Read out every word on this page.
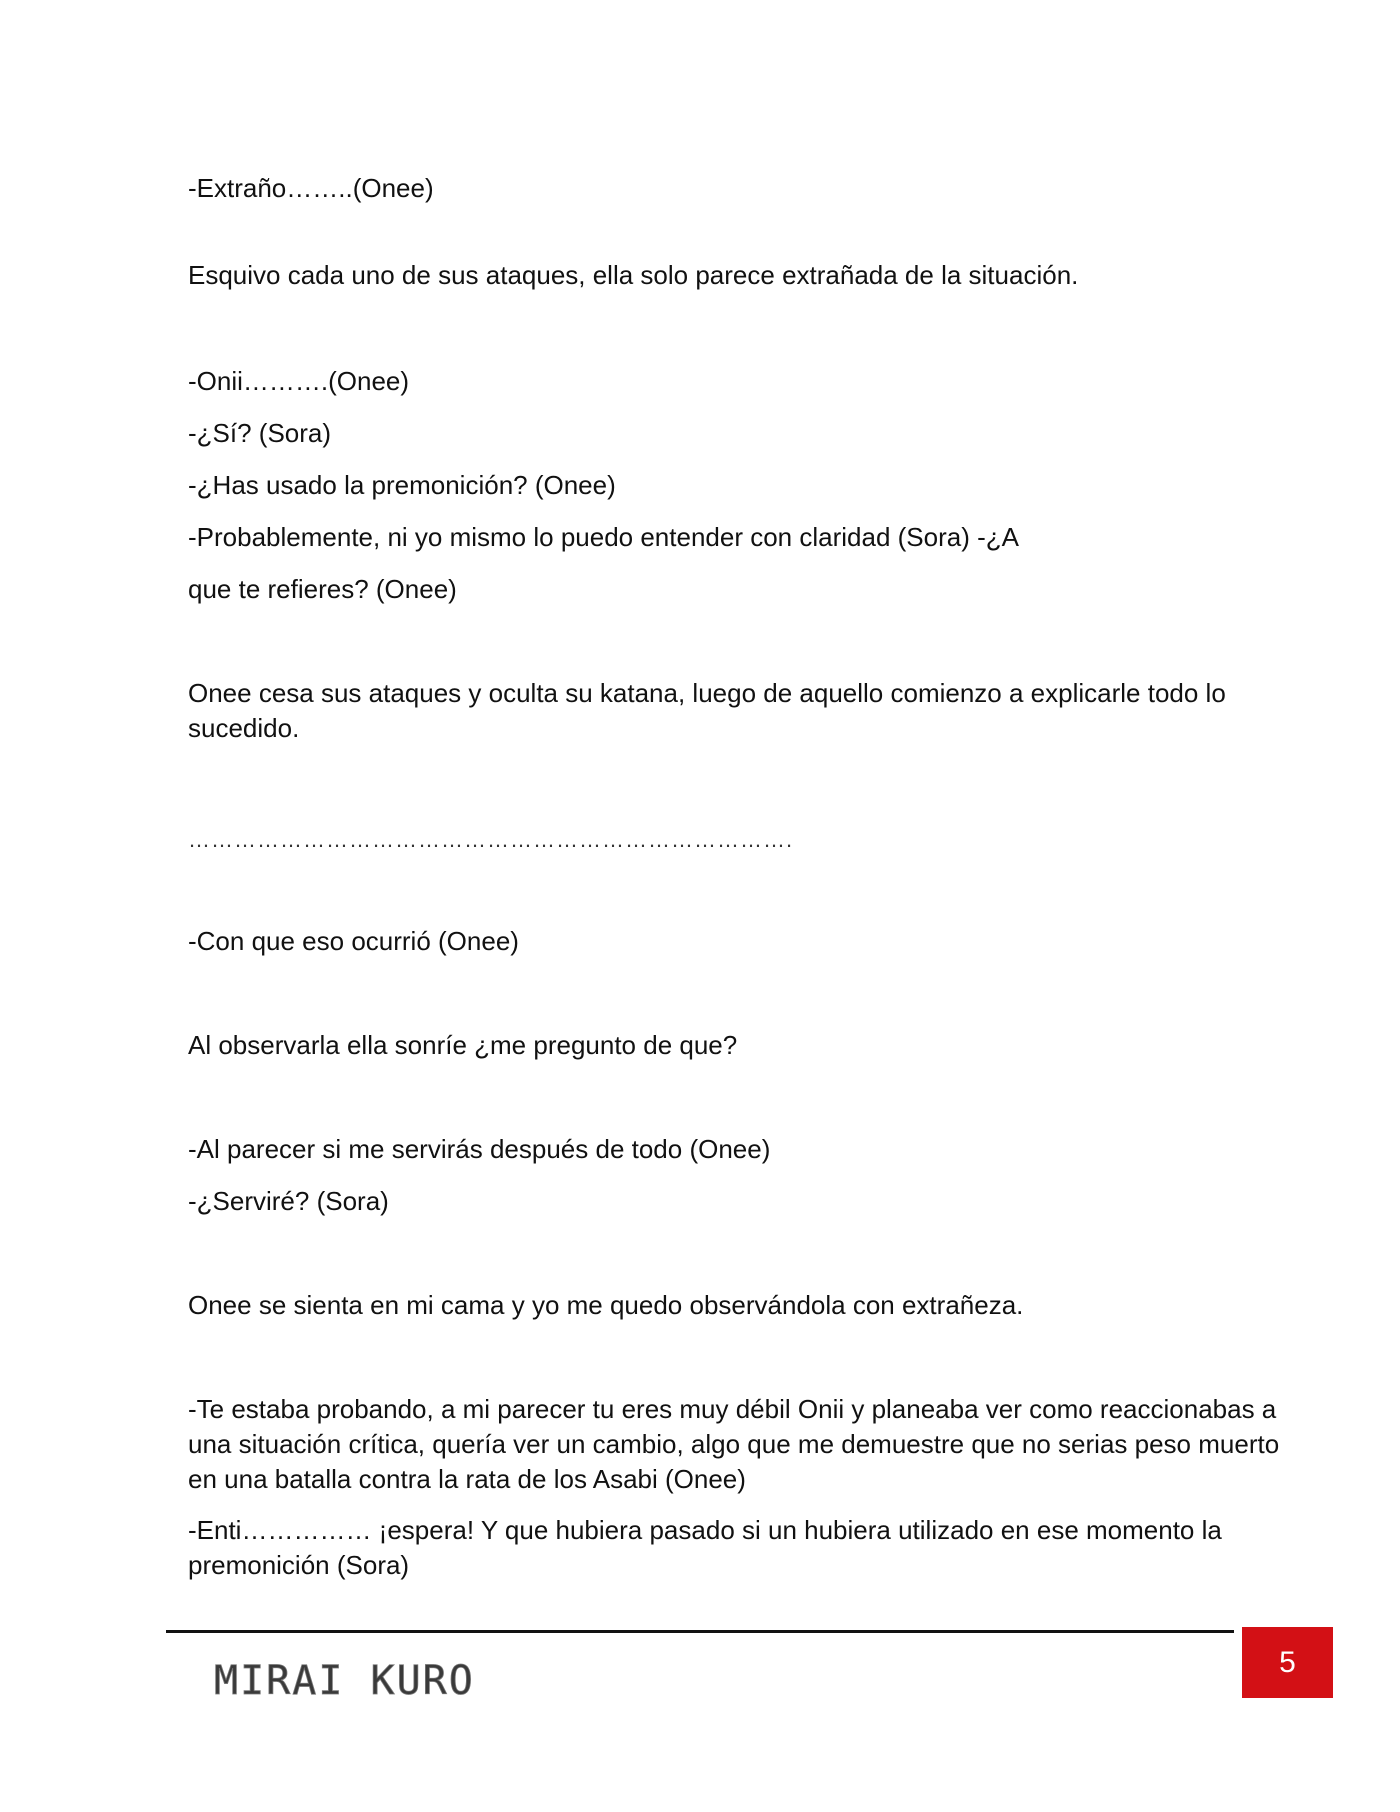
-Extraño……..(Onee)

Esquivo cada uno de sus ataques, ella solo parece extrañada de la situación.

-Onii……….(Onee)

-¿Sí? (Sora)

-¿Has usado la premonición? (Onee)

-Probablemente, ni yo mismo lo puedo entender con claridad (Sora) -¿A

que te refieres? (Onee)

Onee cesa sus ataques y oculta su katana, luego de aquello comienzo a explicarle todo lo sucedido.

…………………………………………………………………….

-Con que eso ocurrió (Onee)

Al observarla ella sonríe ¿me pregunto de que?

-Al parecer si me servirás después de todo (Onee)

-¿Serviré? (Sora)

Onee se sienta en mi cama y yo me quedo observándola con extrañeza.

-Te estaba probando, a mi parecer tu eres muy débil Onii y planeaba ver como reaccionabas a una situación crítica, quería ver un cambio, algo que me demuestre que no serias peso muerto en una batalla contra la rata de los Asabi (Onee)

-Enti…………… ¡espera! Y que hubiera pasado si un hubiera utilizado en ese momento la premonición (Sora)

MIRAI KURO	5
